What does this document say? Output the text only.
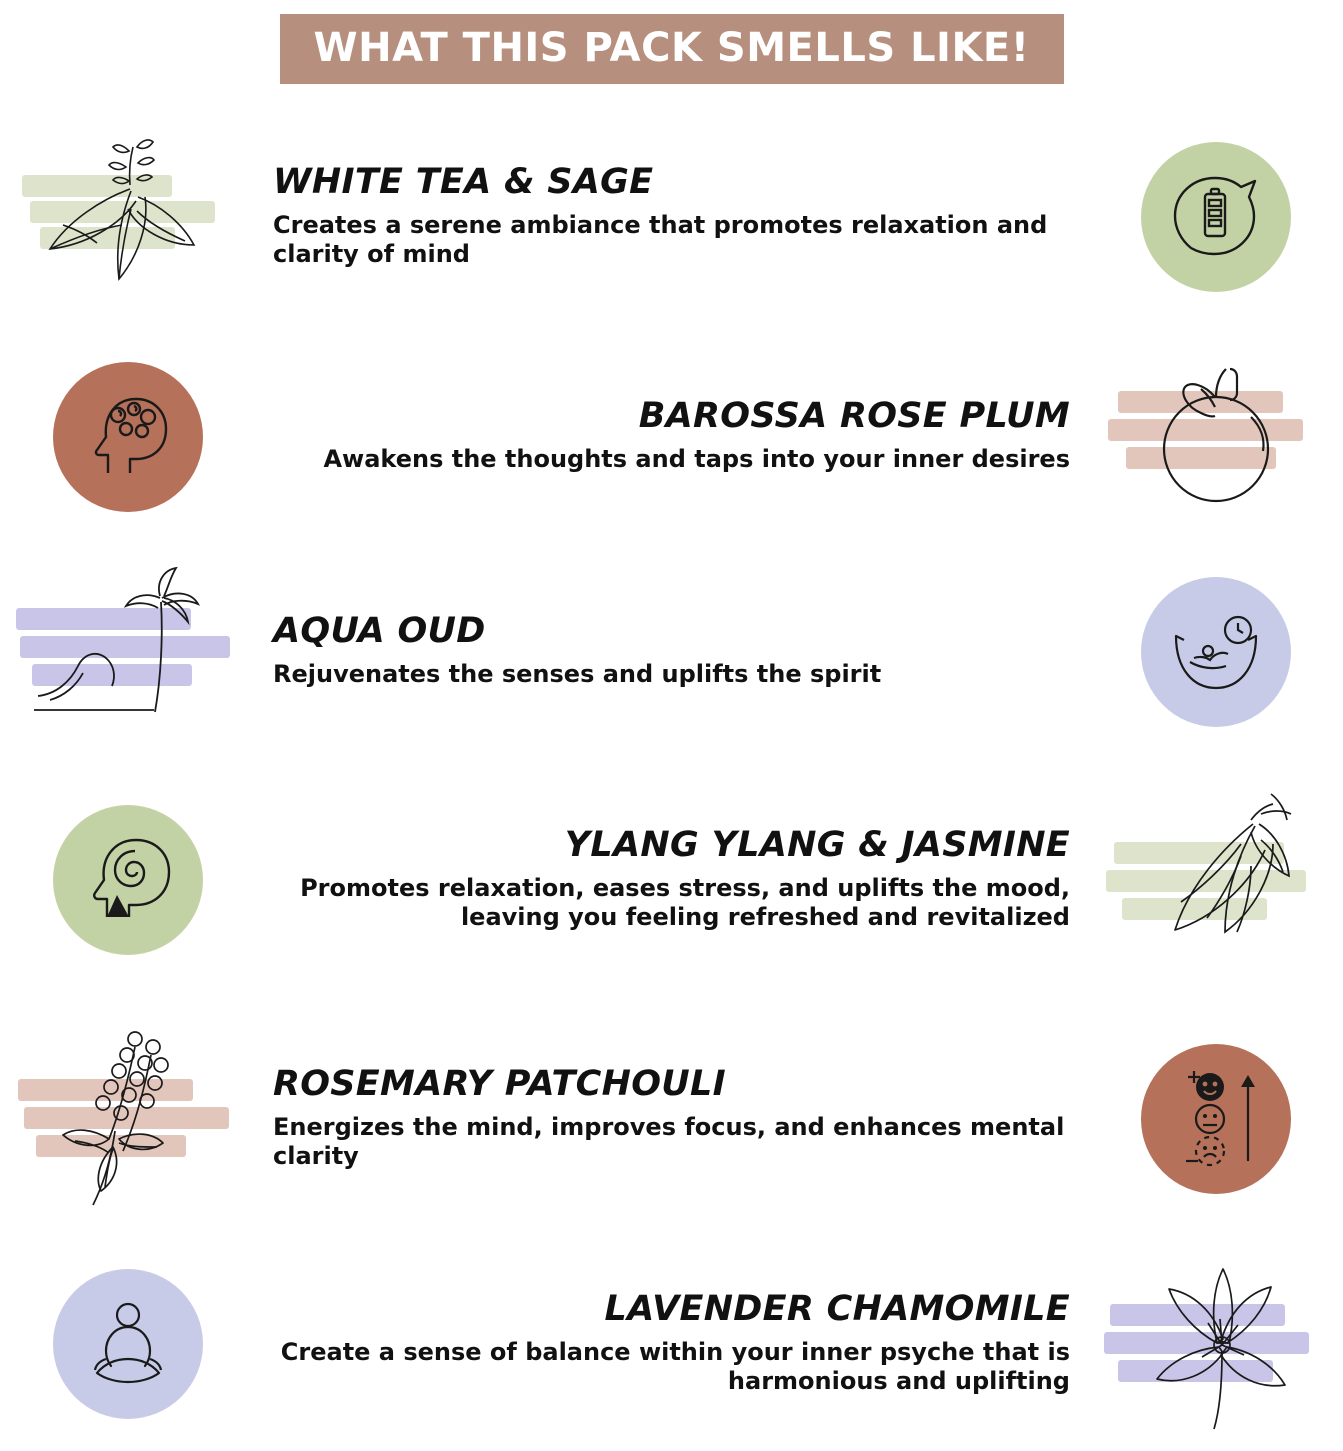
WHAT THIS PACK SMELLS LIKE!
WHITE TEA & SAGE
Creates a serene ambiance that promotes relaxation and clarity of mind
BAROSSA ROSE PLUM
Awakens the thoughts and taps into your inner desires
AQUA OUD
Rejuvenates the senses and uplifts the spirit
YLANG YLANG & JASMINE
Promotes relaxation, eases stress, and uplifts the mood, leaving you feeling refreshed and revitalized
ROSEMARY PATCHOULI
Energizes the mind, improves focus, and enhances mental clarity
LAVENDER CHAMOMILE
Create a sense of balance within your inner psyche that is harmonious and uplifting
